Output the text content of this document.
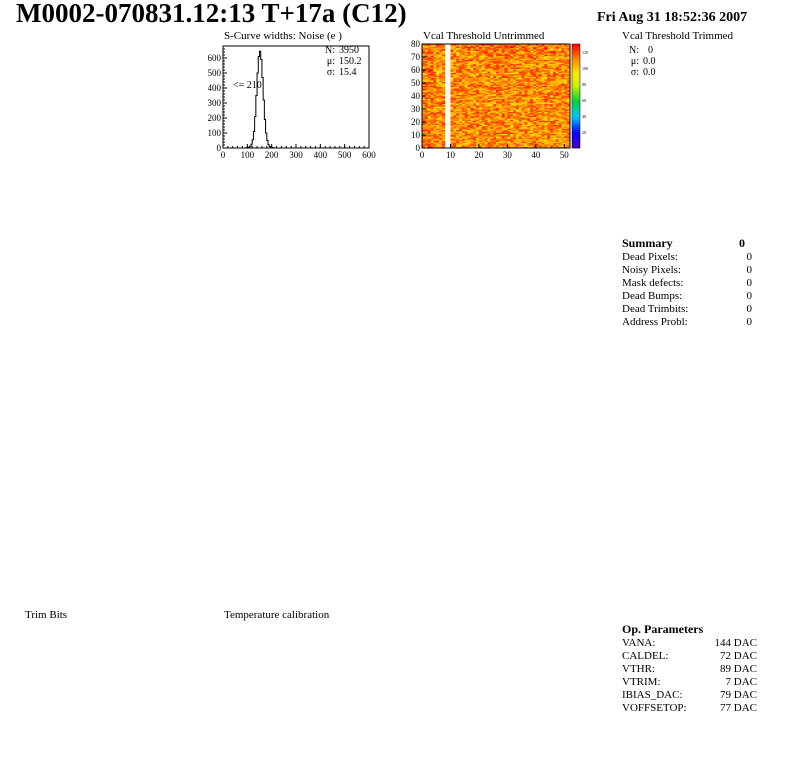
M0002-070831.12:13 T+17a (C12)	Fri Aug 31 18:52:36 2007
S-Curve widths: Noise (e )
0
100
200
300
400
500
600
0 100 200 300 400 500 600
<= 210
N: 3950
μ: 150.2
σ: 15.4
Vcal Threshold Untrimmed
0
10
20
30
40
50
60
70
80
0 10 20 30 40 50
20
40
60
80
100
120
Vcal Threshold Trimmed
N: 0
μ: 0.0
σ: 0.0
Summary	0
Dead Pixels:	0
Noisy Pixels:	0
Mask defects:	0
Dead Bumps:	0
Dead Trimbits:	0
Address Probl:	0
Trim Bits	Temperature calibration
Op. Parameters
VANA:	144 DAC
CALDEL:	72 DAC
VTHR:	89 DAC
VTRIM:	7 DAC
IBIAS_DAC:	79 DAC
VOFFSETOP:	77 DAC
